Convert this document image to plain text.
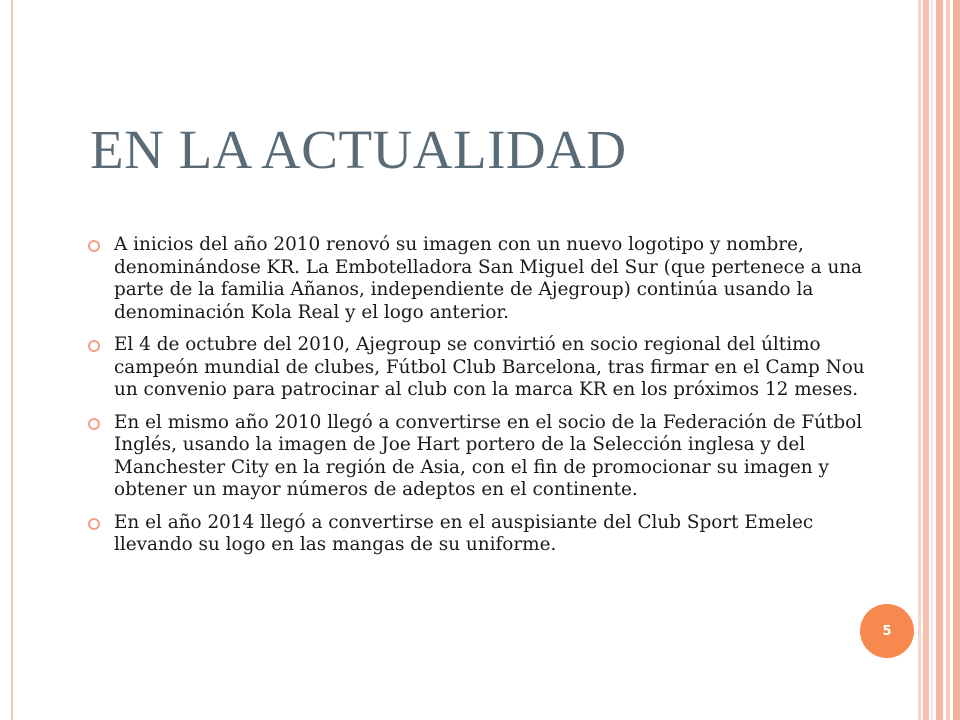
EN LA ACTUALIDAD
A inicios del año 2010 renovó su imagen con un nuevo logotipo y nombre, denominándose KR. La Embotelladora San Miguel del Sur (que pertenece a una parte de la familia Añanos, independiente de Ajegroup) continúa usando la denominación Kola Real y el logo anterior.
El 4 de octubre del 2010, Ajegroup se convirtió en socio regional del último campeón mundial de clubes, Fútbol Club Barcelona, tras firmar en el Camp Nou un convenio para patrocinar al club con la marca KR en los próximos 12 meses.
En el mismo año 2010 llegó a convertirse en el socio de la Federación de Fútbol Inglés, usando la imagen de Joe Hart portero de la Selección inglesa y del Manchester City en la región de Asia, con el fin de promocionar su imagen y obtener un mayor números de adeptos en el continente.
En el año 2014 llegó a convertirse en el auspisiante del Club Sport Emelec llevando su logo en las mangas de su uniforme.
5
